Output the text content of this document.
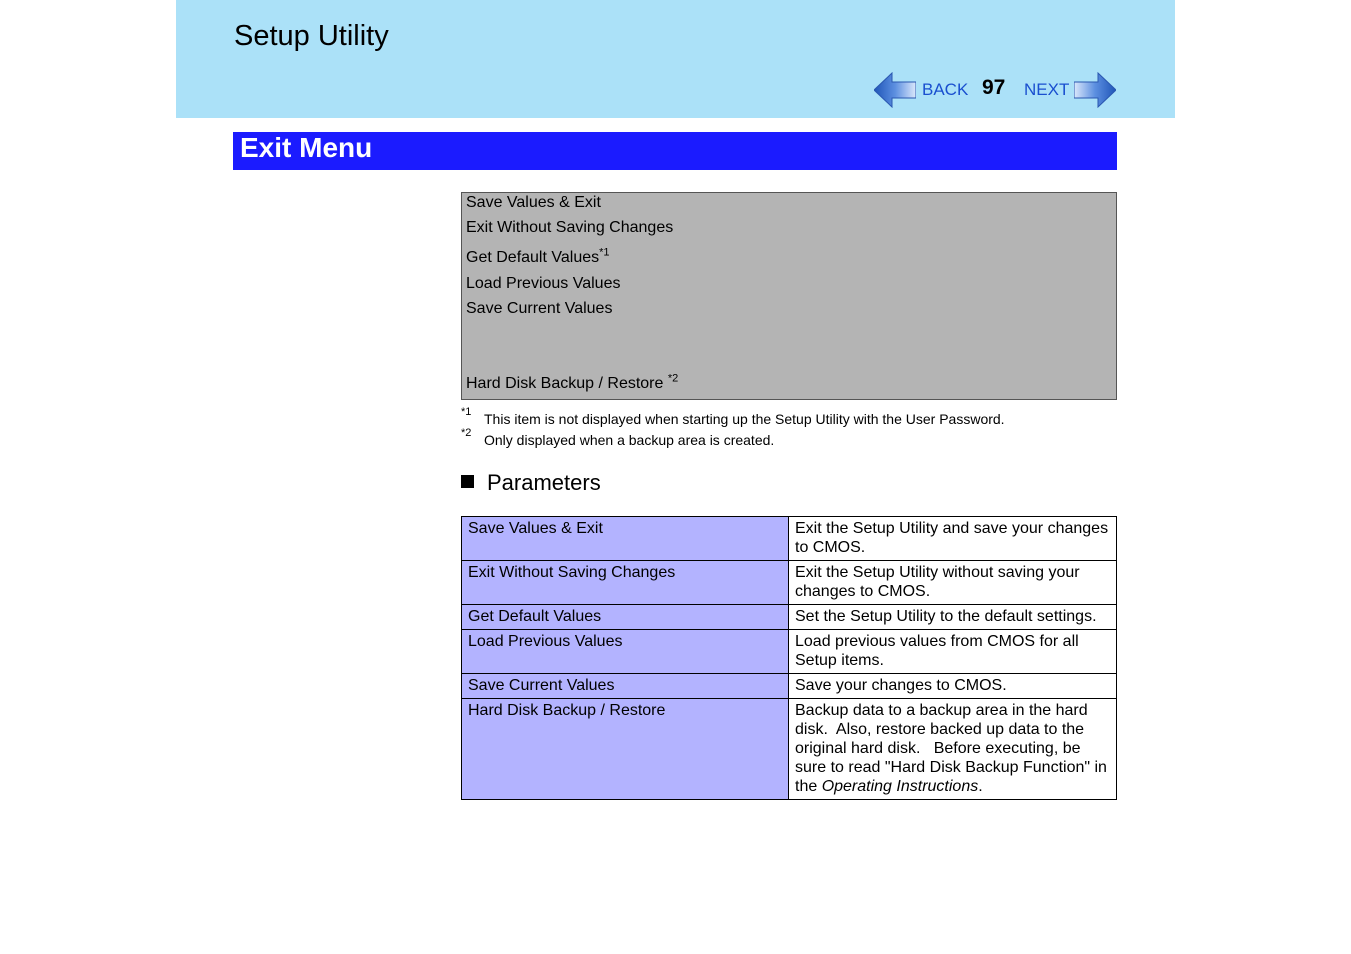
Setup Utility
BACK 97 NEXT
Exit Menu
Save Values & Exit
Exit Without Saving Changes
Get Default Values$^{*1}$
Load Previous Values
Save Current Values
Hard Disk Backup / Restore $^{*2}$
*1 This item is not displayed when starting up the Setup Utility with the User Password.
*2 Only displayed when a backup area is created.
Parameters
Save Values & Exit	Exit the Setup Utility and save your changes to CMOS.
Exit Without Saving Changes	Exit the Setup Utility without saving your changes to CMOS.
Get Default Values	Set the Setup Utility to the default settings.
Load Previous Values	Load previous values from CMOS for all Setup items.
Save Current Values	Save your changes to CMOS.
Hard Disk Backup / Restore	Backup data to a backup area in the hard disk.  Also, restore backed up data to the original hard disk.   Before executing, be sure to read "Hard Disk Backup Function" in the Operating Instructions.
